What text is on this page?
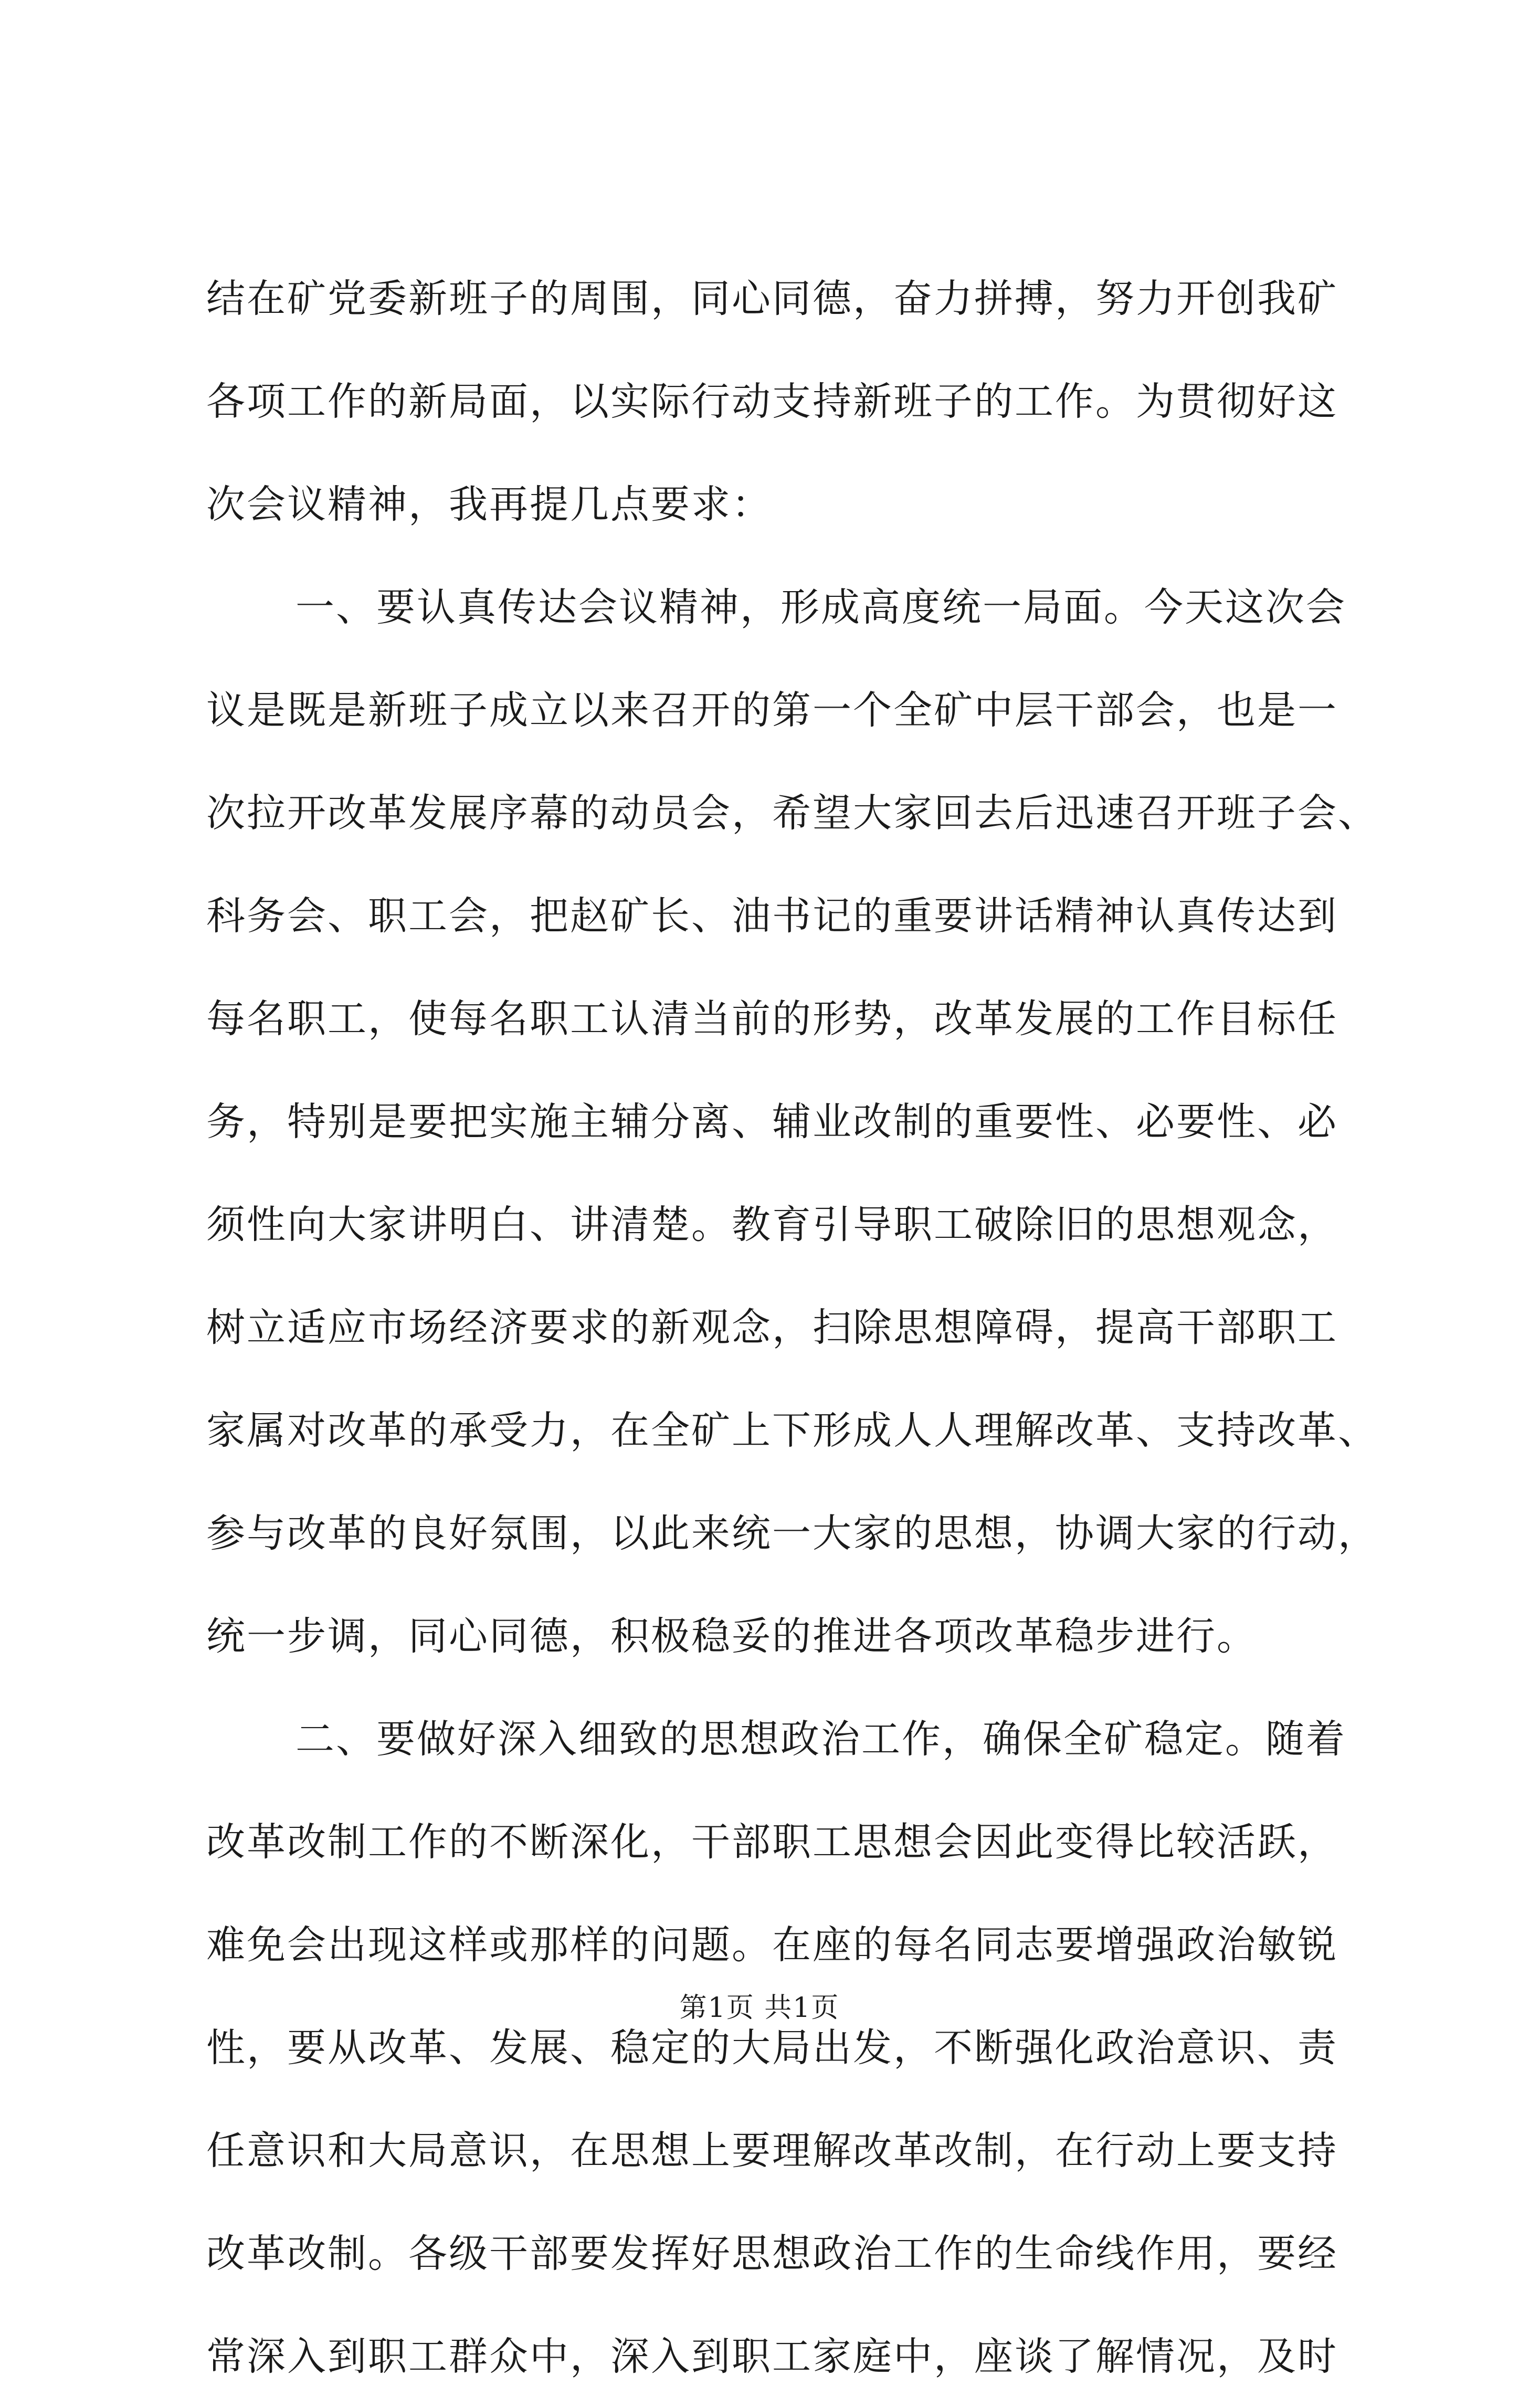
结在矿党委新班子的周围，同心同德，奋力拼搏，努力开创我矿
各项工作的新局面，以实际行动支持新班子的工作。为贯彻好这
次会议精神，我再提几点要求：
一、要认真传达会议精神，形成高度统一局面。今天这次会
议是既是新班子成立以来召开的第一个全矿中层干部会，也是一
次拉开改革发展序幕的动员会，希望大家回去后迅速召开班子会、
科务会、职工会，把赵矿长、油书记的重要讲话精神认真传达到
每名职工，使每名职工认清当前的形势，改革发展的工作目标任
务，特别是要把实施主辅分离、辅业改制的重要性、必要性、必
须性向大家讲明白、讲清楚。教育引导职工破除旧的思想观念，
树立适应市场经济要求的新观念，扫除思想障碍，提高干部职工
家属对改革的承受力，在全矿上下形成人人理解改革、支持改革、
参与改革的良好氛围，以此来统一大家的思想，协调大家的行动，
统一步调，同心同德，积极稳妥的推进各项改革稳步进行。
二、要做好深入细致的思想政治工作，确保全矿稳定。随着
改革改制工作的不断深化，干部职工思想会因此变得比较活跃，
难免会出现这样或那样的问题。在座的每名同志要增强政治敏锐
性，要从改革、发展、稳定的大局出发，不断强化政治意识、责
任意识和大局意识，在思想上要理解改革改制，在行动上要支持
改革改制。各级干部要发挥好思想政治工作的生命线作用，要经
常深入到职工群众中，深入到职工家庭中，座谈了解情况，及时
第1页 共1页
